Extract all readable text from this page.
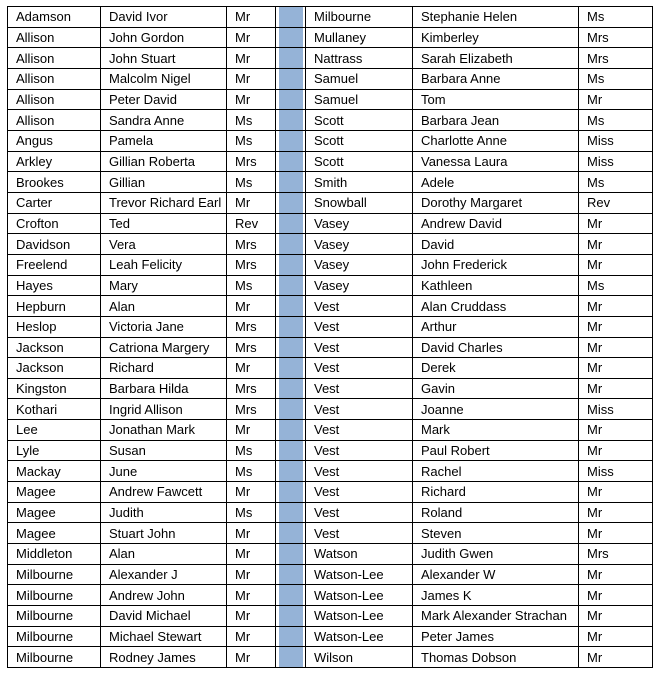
Adamson	David Ivor	Mr		Milbourne	Stephanie Helen	Ms
Allison	John Gordon	Mr		Mullaney	Kimberley	Mrs
Allison	John Stuart	Mr		Nattrass	Sarah Elizabeth	Mrs
Allison	Malcolm Nigel	Mr		Samuel	Barbara Anne	Ms
Allison	Peter David	Mr		Samuel	Tom	Mr
Allison	Sandra Anne	Ms		Scott	Barbara Jean	Ms
Angus	Pamela	Ms		Scott	Charlotte Anne	Miss
Arkley	Gillian Roberta	Mrs		Scott	Vanessa Laura	Miss
Brookes	Gillian	Ms		Smith	Adele	Ms
Carter	Trevor Richard Earl	Mr		Snowball	Dorothy Margaret	Rev
Crofton	Ted	Rev		Vasey	Andrew David	Mr
Davidson	Vera	Mrs		Vasey	David	Mr
Freelend	Leah Felicity	Mrs		Vasey	John Frederick	Mr
Hayes	Mary	Ms		Vasey	Kathleen	Ms
Hepburn	Alan	Mr		Vest	Alan Cruddass	Mr
Heslop	Victoria Jane	Mrs		Vest	Arthur	Mr
Jackson	Catriona Margery	Mrs		Vest	David Charles	Mr
Jackson	Richard	Mr		Vest	Derek	Mr
Kingston	Barbara Hilda	Mrs		Vest	Gavin	Mr
Kothari	Ingrid Allison	Mrs		Vest	Joanne	Miss
Lee	Jonathan Mark	Mr		Vest	Mark	Mr
Lyle	Susan	Ms		Vest	Paul Robert	Mr
Mackay	June	Ms		Vest	Rachel	Miss
Magee	Andrew Fawcett	Mr		Vest	Richard	Mr
Magee	Judith	Ms		Vest	Roland	Mr
Magee	Stuart John	Mr		Vest	Steven	Mr
Middleton	Alan	Mr		Watson	Judith Gwen	Mrs
Milbourne	Alexander J	Mr		Watson-Lee	Alexander W	Mr
Milbourne	Andrew John	Mr		Watson-Lee	James K	Mr
Milbourne	David Michael	Mr		Watson-Lee	Mark Alexander Strachan	Mr
Milbourne	Michael Stewart	Mr		Watson-Lee	Peter James	Mr
Milbourne	Rodney James	Mr		Wilson	Thomas Dobson	Mr
